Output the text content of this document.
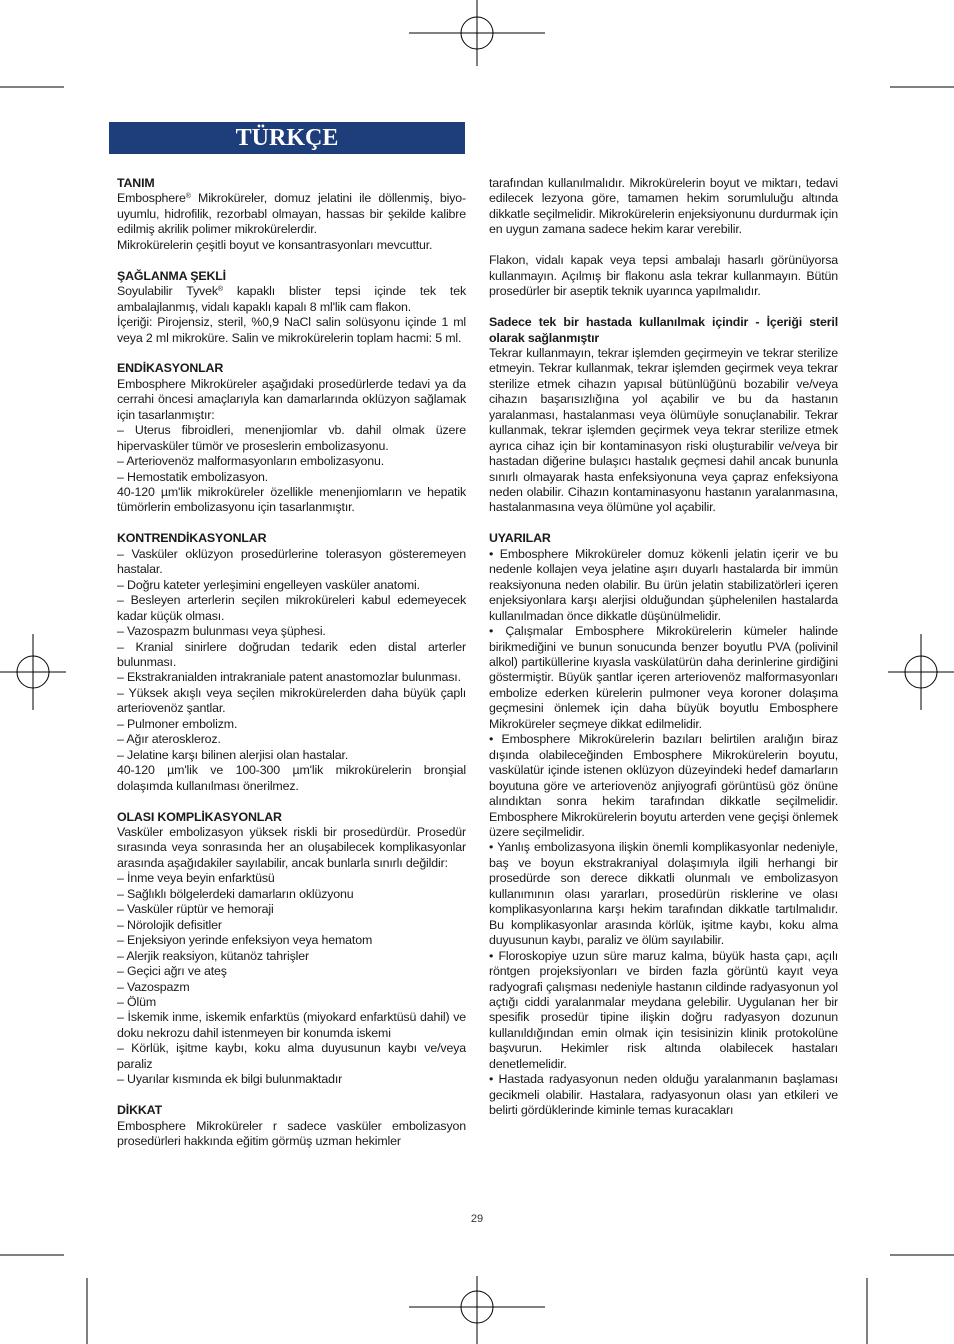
TÜRKÇE
TANIM

Embosphere® Mikroküreler, domuz jelatini ile döllenmiş, biyo-uyumlu, hidrofilik, rezorbabl olmayan, hassas bir şekilde kalibre edilmiş akrilik polimer mikrokürelerdir.

Mikrokürelerin çeşitli boyut ve konsantrasyonları mevcuttur.

ŞAĞLANMA ŞEKLİ

Soyulabilir Tyvek® kapaklı blister tepsi içinde tek tek ambalajlanmış, vidalı kapaklı kapalı 8 ml'lik cam flakon.

İçeriği: Pirojensiz, steril, %0,9 NaCl salin solüsyonu içinde 1 ml veya 2 ml mikroküre. Salin ve mikrokürelerin toplam hacmi: 5 ml.

ENDİKASYONLAR

Embosphere Mikroküreler aşağıdaki prosedürlerde tedavi ya da cerrahi öncesi amaçlarıyla kan damarlarında oklüzyon sağlamak için tasarlanmıştır:

– Uterus fibroidleri, menenjiomlar vb. dahil olmak üzere hipervasküler tümör ve proseslerin embolizasyonu.

– Arteriovenöz malformasyonların embolizasyonu.

– Hemostatik embolizasyon.

40-120 µm'lik mikroküreler özellikle menenjiomların ve hepatik tümörlerin embolizasyonu için tasarlanmıştır.

KONTRENDİKASYONLAR

– Vasküler oklüzyon prosedürlerine tolerasyon gösteremeyen hastalar.

– Doğru kateter yerleşimini engelleyen vasküler anatomi.

– Besleyen arterlerin seçilen mikroküreleri kabul edemeyecek kadar küçük olması.

– Vazospazm bulunması veya şüphesi.

– Kranial sinirlere doğrudan tedarik eden distal arterler bulunması.

– Ekstrakranialden intrakraniale patent anastomozlar bulunması.

– Yüksek akışlı veya seçilen mikrokürelerden daha büyük çaplı arteriovenöz şantlar.

– Pulmoner embolizm.

– Ağır ateroskleroz.

– Jelatine karşı bilinen alerjisi olan hastalar.

40-120 µm'lik ve 100-300 µm'lik mikrokürelerin bronşial dolaşımda kullanılması önerilmez.

OLASI KOMPLİKASYONLAR

Vasküler embolizasyon yüksek riskli bir prosedürdür. Prosedür sırasında veya sonrasında her an oluşabilecek komplikasyonlar arasında aşağıdakiler sayılabilir, ancak bunlarla sınırlı değildir:

– İnme veya beyin enfarktüsü

– Sağlıklı bölgelerdeki damarların oklüzyonu

– Vasküler rüptür ve hemoraji

– Nörolojik defisitler

– Enjeksiyon yerinde enfeksiyon veya hematom

– Alerjik reaksiyon, kütanöz tahrişler

– Geçici ağrı ve ateş

– Vazospazm

– Ölüm

– İskemik inme, iskemik enfarktüs (miyokard enfarktüsü dahil) ve doku nekrozu dahil istenmeyen bir konumda iskemi

– Körlük, işitme kaybı, koku alma duyusunun kaybı ve/veya paraliz

– Uyarılar kısmında ek bilgi bulunmaktadır

DİKKAT

Embosphere Mikroküreler r sadece vasküler embolizasyon prosedürleri hakkında eğitim görmüş uzman hekimler

tarafından kullanılmalıdır. Mikrokürelerin boyut ve miktarı, tedavi edilecek lezyona göre, tamamen hekim sorumluluğu altında dikkatle seçilmelidir. Mikrokürelerin enjeksiyonunu durdurmak için en uygun zamana sadece hekim karar verebilir.

Flakon, vidalı kapak veya tepsi ambalajı hasarlı görünüyorsa kullanmayın. Açılmış bir flakonu asla tekrar kullanmayın. Bütün prosedürler bir aseptik teknik uyarınca yapılmalıdır.

Sadece tek bir hastada kullanılmak içindir - İçeriği steril olarak sağlanmıştır

Tekrar kullanmayın, tekrar işlemden geçirmeyin ve tekrar sterilize etmeyin. Tekrar kullanmak, tekrar işlemden geçirmek veya tekrar sterilize etmek cihazın yapısal bütünlüğünü bozabilir ve/veya cihazın başarısızlığına yol açabilir ve bu da hastanın yaralanması, hastalanması veya ölümüyle sonuçlanabilir. Tekrar kullanmak, tekrar işlemden geçirmek veya tekrar sterilize etmek ayrıca cihaz için bir kontaminasyon riski oluşturabilir ve/veya bir hastadan diğerine bulaşıcı hastalık geçmesi dahil ancak bununla sınırlı olmayarak hasta enfeksiyonuna veya çapraz enfeksiyona neden olabilir. Cihazın kontaminasyonu hastanın yaralanmasına, hastalanmasına veya ölümüne yol açabilir.

UYARILAR

• Embosphere Mikroküreler domuz kökenli jelatin içerir ve bu nedenle kollajen veya jelatine aşırı duyarlı hastalarda bir immün reaksiyonuna neden olabilir. Bu ürün jelatin stabilizatörleri içeren enjeksiyonlara karşı alerjisi olduğundan şüphelenilen hastalarda kullanılmadan önce dikkatle düşünülmelidir.

• Çalışmalar Embosphere Mikrokürelerin kümeler halinde birikmediğini ve bunun sonucunda benzer boyutlu PVA (polivinil alkol) partiküllerine kıyasla vaskülatürün daha derinlerine girdiğini göstermiştir. Büyük şantlar içeren arteriovenöz malformasyonları embolize ederken kürelerin pulmoner veya koroner dolaşıma geçmesini önlemek için daha büyük boyutlu Embosphere Mikroküreler seçmeye dikkat edilmelidir.

• Embosphere Mikrokürelerin bazıları belirtilen aralığın biraz dışında olabileceğinden Embosphere Mikrokürelerin boyutu, vaskülatür içinde istenen oklüzyon düzeyindeki hedef damarların boyutuna göre ve arteriovenöz anjiyografi görüntüsü göz önüne alındıktan sonra hekim tarafından dikkatle seçilmelidir. Embosphere Mikrokürelerin boyutu arterden vene geçişi önlemek üzere seçilmelidir.

• Yanlış embolizasyona ilişkin önemli komplikasyonlar nedeniyle, baş ve boyun ekstrakraniyal dolaşımıyla ilgili herhangi bir prosedürde son derece dikkatli olunmalı ve embolizasyon kullanımının olası yararları, prosedürün risklerine ve olası komplikasyonlarına karşı hekim tarafından dikkatle tartılmalıdır. Bu komplikasyonlar arasında körlük, işitme kaybı, koku alma duyusunun kaybı, paraliz ve ölüm sayılabilir.

• Floroskopiye uzun süre maruz kalma, büyük hasta çapı, açılı röntgen projeksiyonları ve birden fazla görüntü kayıt veya radyografi çalışması nedeniyle hastanın cildinde radyasyonun yol açtığı ciddi yaralanmalar meydana gelebilir. Uygulanan her bir spesifik prosedür tipine ilişkin doğru radyasyon dozunun kullanıldığından emin olmak için tesisinizin klinik protokolüne başvurun. Hekimler risk altında olabilecek hastaları denetlemelidir.

• Hastada radyasyonun neden olduğu yaralanmanın başlaması gecikmeli olabilir. Hastalara, radyasyonun olası yan etkileri ve belirti gördüklerinde kiminle temas kuracakları

29
